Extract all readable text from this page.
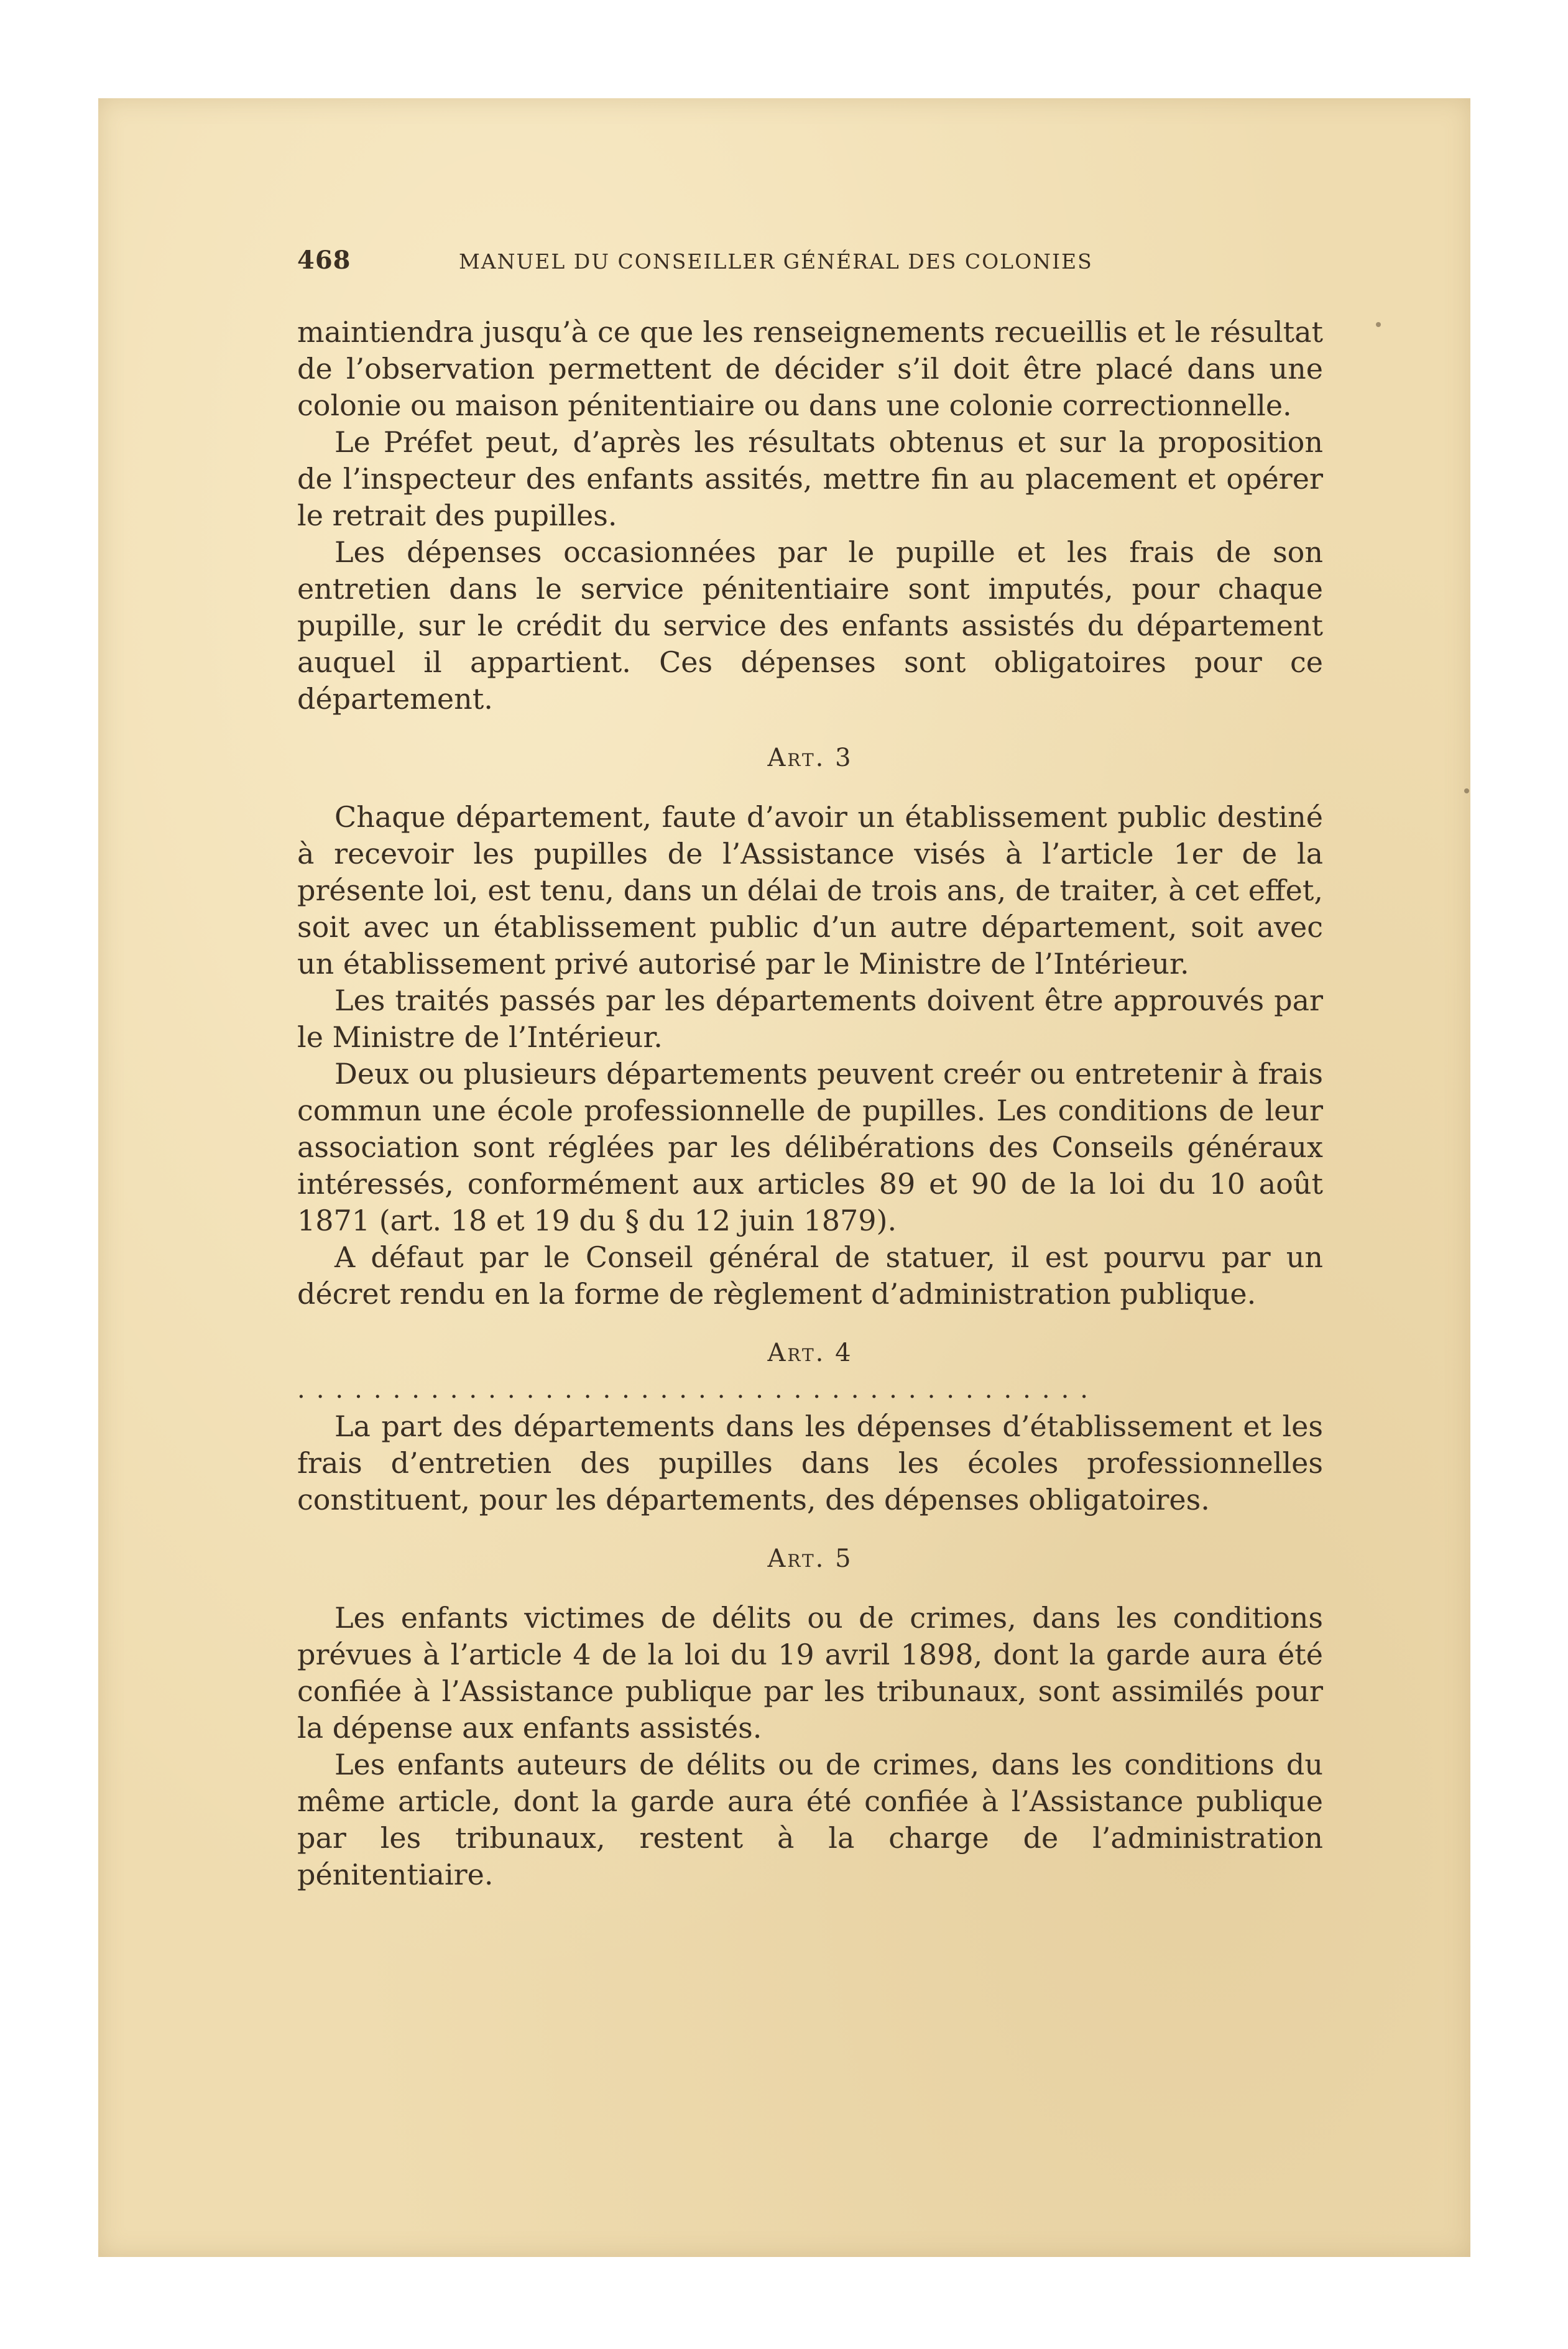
468	MANUEL DU CONSEILLER GÉNÉRAL DES COLONIES

maintiendra jusqu’à ce que les renseignements recueillis et le résultat de l’observation permettent de décider s’il doit être placé dans une colonie ou maison pénitentiaire ou dans une colonie correctionnelle.

Le Préfet peut, d’après les résultats obtenus et sur la proposition de l’inspecteur des enfants assités, mettre fin au placement et opérer le retrait des pupilles.

Les dépenses occasionnées par le pupille et les frais de son entretien dans le service pénitentiaire sont imputés, pour chaque pupille, sur le crédit du service des enfants assistés du département auquel il appartient. Ces dépenses sont obligatoires pour ce département.

Art. 3

Chaque département, faute d’avoir un établissement public destiné à recevoir les pupilles de l’Assistance visés à l’article 1er de la présente loi, est tenu, dans un délai de trois ans, de traiter, à cet effet, soit avec un établissement public d’un autre département, soit avec un établissement privé autorisé par le Ministre de l’Intérieur.

Les traités passés par les départements doivent être approuvés par le Ministre de l’Intérieur.

Deux ou plusieurs départements peuvent creér ou entretenir à frais commun une école professionnelle de pupilles. Les conditions de leur association sont réglées par les délibérations des Conseils généraux intéressés, conformément aux articles 89 et 90 de la loi du 10 août 1871 (art. 18 et 19 du § du 12 juin 1879).

A défaut par le Conseil général de statuer, il est pourvu par un décret rendu en la forme de règlement d’administration publique.

Art. 4
..........................................

La part des départements dans les dépenses d’établissement et les frais d’entretien des pupilles dans les écoles professionnelles constituent, pour les départements, des dépenses obligatoires.

Art. 5

Les enfants victimes de délits ou de crimes, dans les conditions prévues à l’article 4 de la loi du 19 avril 1898, dont la garde aura été confiée à l’Assistance publique par les tribunaux, sont assimilés pour la dépense aux enfants assistés.

Les enfants auteurs de délits ou de crimes, dans les conditions du même article, dont la garde aura été confiée à l’Assistance publique par les tribunaux, restent à la charge de l’administration pénitentiaire.
